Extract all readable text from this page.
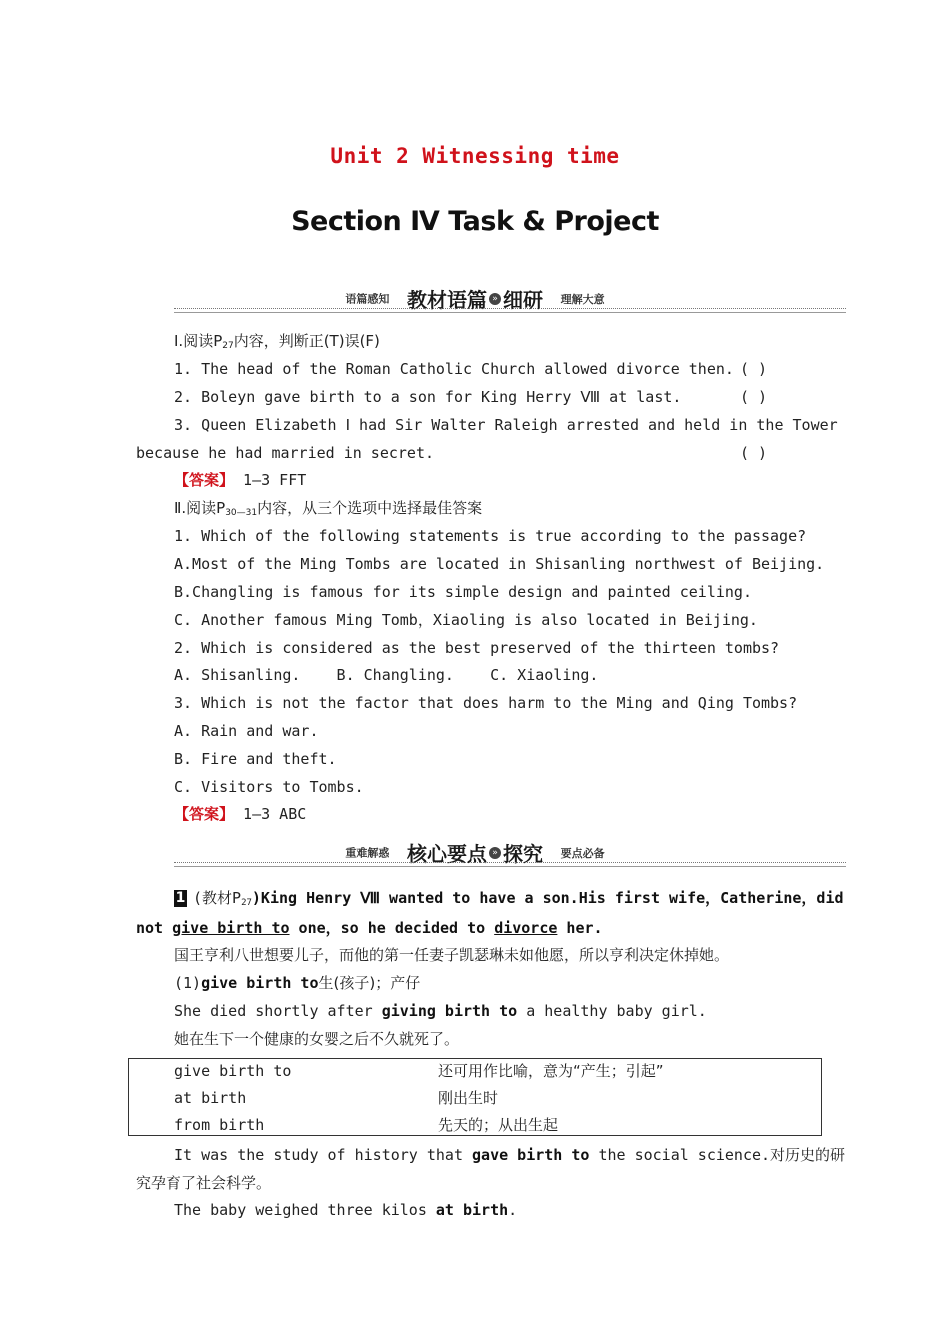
Unit 2 Witnessing time
Section Ⅳ Task & Project
语篇感知 教材语篇 » 细研 理解大意
Ⅰ.阅读$P_{27}$内容，判断正(T)误(F)
1. The head of the Roman Catholic Church allowed divorce then. ( )
2. Boleyn gave birth to a son for King Herry Ⅷ at last.	( )
3. Queen Elizabeth Ⅰ had Sir Walter Raleigh arrested and held in the Tower
because he had married in secret.	( )
【答案】 1—3 FFT
Ⅱ.阅读$P_{30—31}$内容，从三个选项中选择最佳答案
1. Which of the following statements is true according to the passage?
A.Most of the Ming Tombs are located in Shisanling northwest of Beijing.
B.Changling is famous for its simple design and painted ceiling.
C. Another famous Ming Tomb，Xiaoling is also located in Beijing.
2. Which is considered as the best preserved of the thirteen tombs?
A. Shisanling.    B. Changling.    C. Xiaoling.
3. Which is not the factor that does harm to the Ming and Qing Tombs?
A. Rain and war.
B. Fire and theft.
C. Visitors to Tombs.
【答案】 1—3 ABC
重难解惑 核心要点 » 探究 要点必备
1 (教材$P_{27})King$ Henry Ⅷ wanted to have a son.His first wife，Catherine，did
not give birth to one，so he decided to divorce her.
国王亨利八世想要儿子，而他的第一任妻子凯瑟琳未如他愿，所以亨利决定休掉她。
(1)give birth to生(孩子)；产仔
She died shortly after giving birth to a healthy baby girl.
她在生下一个健康的女婴之后不久就死了。
give birth to	还可用作比喻，意为“产生；引起”
at birth	刚出生时
from birth	先天的；从出生起
It was the study of history that gave birth to the social science.对历史的研
究孕育了社会科学。
The baby weighed three kilos at birth.
